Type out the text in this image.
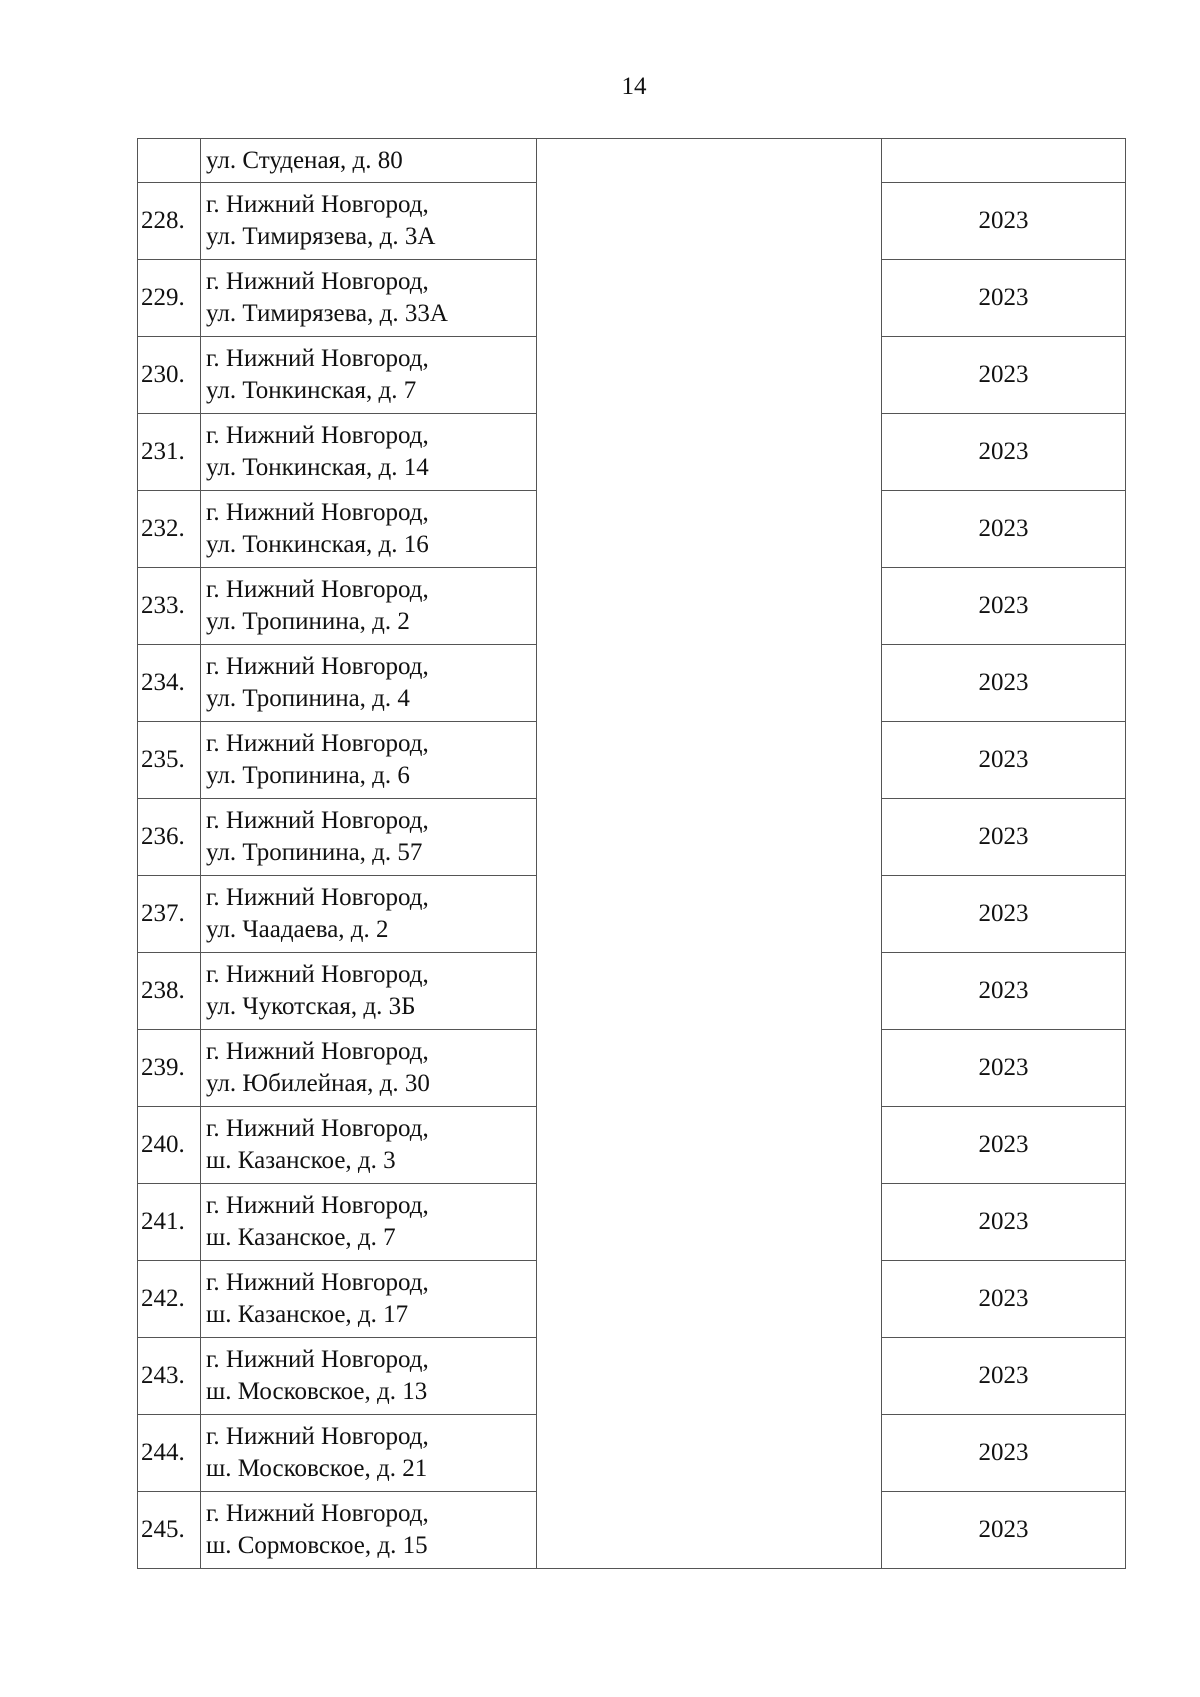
14

	ул. Студеная, д. 80		

228.	г. Нижний Новгород,
ул. Тимирязева, д. 3А		2023
229.	г. Нижний Новгород,
ул. Тимирязева, д. 33А		2023
230.	г. Нижний Новгород,
ул. Тонкинская, д. 7		2023
231.	г. Нижний Новгород,
ул. Тонкинская, д. 14		2023
232.	г. Нижний Новгород,
ул. Тонкинская, д. 16		2023
233.	г. Нижний Новгород,
ул. Тропинина, д. 2		2023
234.	г. Нижний Новгород,
ул. Тропинина, д. 4		2023
235.	г. Нижний Новгород,
ул. Тропинина, д. 6		2023
236.	г. Нижний Новгород,
ул. Тропинина, д. 57		2023
237.	г. Нижний Новгород,
ул. Чаадаева, д. 2		2023
238.	г. Нижний Новгород,
ул. Чукотская, д. 3Б		2023
239.	г. Нижний Новгород,
ул. Юбилейная, д. 30		2023
240.	г. Нижний Новгород,
ш. Казанское, д. 3		2023
241.	г. Нижний Новгород,
ш. Казанское, д. 7		2023
242.	г. Нижний Новгород,
ш. Казанское, д. 17		2023
243.	г. Нижний Новгород,
ш. Московское, д. 13		2023
244.	г. Нижний Новгород,
ш. Московское, д. 21		2023
245.	г. Нижний Новгород,
ш. Сормовское, д. 15		2023
